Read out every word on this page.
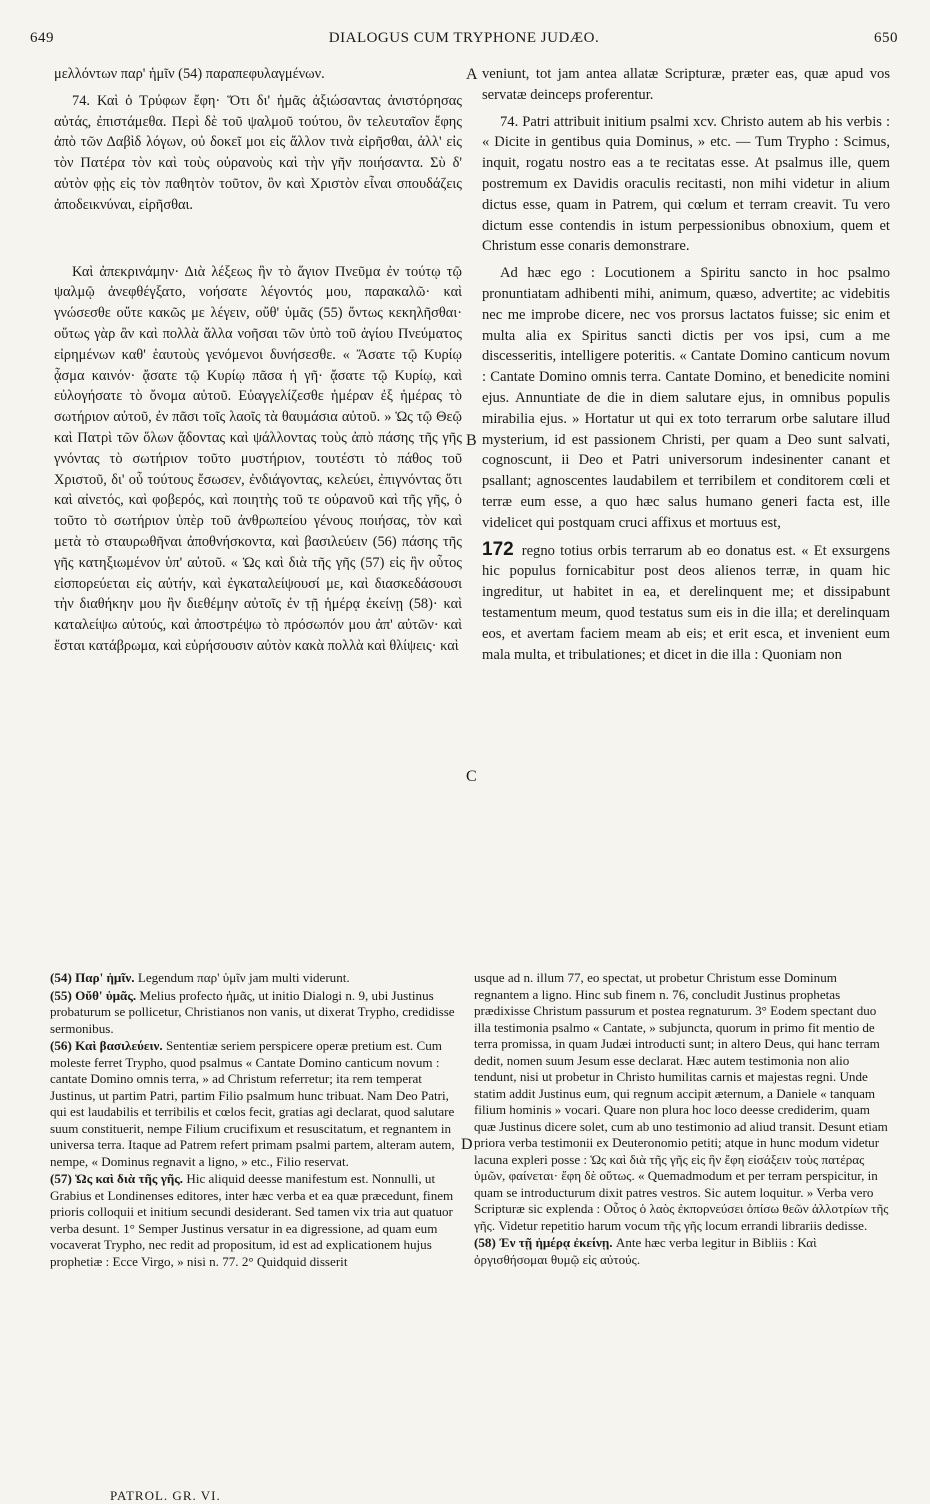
649	DIALOGUS CUM TRYPHONE JUDÆO.	650

μελλόντων παρ' ἡμῖν (54) παραπεφυλαγμένων.

74. Καὶ ὁ Τρύφων ἔφη· Ὅτι δι' ἡμᾶς ἀξιώσαντας ἀνιστόρησας αὐτάς, ἐπιστάμεθα. Περὶ δὲ τοῦ ψαλμοῦ τούτου, ὃν τελευταῖον ἔφης ἀπὸ τῶν Δαβὶδ λόγων, οὐ δοκεῖ μοι εἰς ἄλλον τινὰ εἰρῆσθαι, ἀλλ' εἰς τὸν Πατέρα τὸν καὶ τοὺς οὐρανοὺς καὶ τὴν γῆν ποιήσαντα. Σὺ δ' αὐτὸν φῂς εἰς τὸν παθητὸν τοῦτον, ὃν καὶ Χριστὸν εἶναι σπουδάζεις ἀποδεικνύναι, εἰρῆσθαι.

Καὶ ἀπεκρινάμην· Διὰ λέξεως ἣν τὸ ἅγιον Πνεῦμα ἐν τούτῳ τῷ ψαλμῷ ἀνεφθέγξατο, νοήσατε λέγοντός μου, παρακαλῶ· καὶ γνώσεσθε οὔτε κακῶς με λέγειν, οὔθ' ὑμᾶς (55) ὄντως κεκηλῆσθαι· οὕτως γὰρ ἂν καὶ πολλὰ ἄλλα νοῆσαι τῶν ὑπὸ τοῦ ἁγίου Πνεύματος εἰρημένων καθ' ἑαυτοὺς γενόμενοι δυνήσεσθε. « Ἄσατε τῷ Κυρίῳ ᾆσμα καινόν· ᾄσατε τῷ Κυρίῳ πᾶσα ἡ γῆ· ᾄσατε τῷ Κυρίῳ, καὶ εὐλογήσατε τὸ ὄνομα αὐτοῦ. Εὐαγγελίζεσθε ἡμέραν ἐξ ἡμέρας τὸ σωτήριον αὐτοῦ, ἐν πᾶσι τοῖς λαοῖς τὰ θαυμάσια αὐτοῦ. » Ὡς τῷ Θεῷ καὶ Πατρὶ τῶν ὅλων ᾄδοντας καὶ ψάλλοντας τοὺς ἀπὸ πάσης τῆς γῆς γνόντας τὸ σωτήριον τοῦτο μυστήριον, τουτέστι τὸ πάθος τοῦ Χριστοῦ, δι' οὗ τούτους ἔσωσεν, ἐνδιάγοντας, κελεύει, ἐπιγνόντας ὅτι καὶ αἰνετός, καὶ φοβερός, καὶ ποιητὴς τοῦ τε οὐρανοῦ καὶ τῆς γῆς, ὁ τοῦτο τὸ σωτήριον ὑπὲρ τοῦ ἀνθρωπείου γένους ποιήσας, τὸν καὶ μετὰ τὸ σταυρωθῆναι ἀποθνήσκοντα, καὶ βασιλεύειν (56) πάσης τῆς γῆς κατηξιωμένον ὑπ' αὐτοῦ. « Ὡς καὶ διὰ τῆς γῆς (57) εἰς ἣν οὗτος εἰσπορεύεται εἰς αὐτήν, καὶ ἐγκαταλείψουσί με, καὶ διασκεδάσουσι τὴν διαθήκην μου ἣν διεθέμην αὐτοῖς ἐν τῇ ἡμέρᾳ ἐκείνῃ (58)· καὶ καταλείψω αὐτούς, καὶ ἀποστρέψω τὸ πρόσωπόν μου ἀπ' αὐτῶν· καὶ ἔσται κατάβρωμα, καὶ εὑρήσουσιν αὐτὸν κακὰ πολλὰ καὶ θλίψεις· καὶ

A
B
C
D

veniunt, tot jam antea allatæ Scripturæ, præter eas, quæ apud vos servatæ deinceps proferentur.

74. Patri attribuit initium psalmi xcv. Christo autem ab his verbis : « Dicite in gentibus quia Dominus, » etc. — Tum Trypho : Scimus, inquit, rogatu nostro eas a te recitatas esse. At psalmus ille, quem postremum ex Davidis oraculis recitasti, non mihi videtur in alium dictus esse, quam in Patrem, qui cœlum et terram creavit. Tu vero dictum esse contendis in istum perpessionibus obnoxium, quem et Christum esse conaris demonstrare.

Ad hæc ego : Locutionem a Spiritu sancto in hoc psalmo pronuntiatam adhibenti mihi, animum, quæso, advertite; ac videbitis nec me improbe dicere, nec vos prorsus lactatos fuisse; sic enim et multa alia ex Spiritus sancti dictis per vos ipsi, cum a me discesseritis, intelligere poteritis. « Cantate Domino canticum novum : Cantate Domino omnis terra. Cantate Domino, et benedicite nomini ejus. Annuntiate de die in diem salutare ejus, in omnibus populis mirabilia ejus. » Hortatur ut qui ex toto terrarum orbe salutare illud mysterium, id est passionem Christi, per quam a Deo sunt salvati, cognoscunt, ii Deo et Patri universorum indesinenter canant et psallant; agnoscentes laudabilem et terribilem et conditorem cœli et terræ eum esse, a quo hæc salus humano generi facta est, ille videlicet qui postquam cruci affixus et mortuus est,

172 regno totius orbis terrarum ab eo donatus est. « Et exsurgens hic populus fornicabitur post deos alienos terræ, in quam hic ingreditur, ut habitet in ea, et derelinquent me; et dissipabunt testamentum meum, quod testatus sum eis in die illa; et derelinquam eos, et avertam faciem meam ab eis; et erit esca, et invenient eum mala multa, et tribulationes; et dicet in die illa : Quoniam non

(54) Παρ' ἡμῖν. Legendum παρ' ὑμῖν jam multi viderunt.

(55) Οὔθ' ὑμᾶς. Melius profecto ἡμᾶς, ut initio Dialogi n. 9, ubi Justinus probaturum se pollicetur, Christianos non vanis, ut dixerat Trypho, credidisse sermonibus.

(56) Καὶ βασιλεύειν. Sententiæ seriem perspicere operæ pretium est. Cum moleste ferret Trypho, quod psalmus « Cantate Domino canticum novum : cantate Domino omnis terra, » ad Christum referretur; ita rem temperat Justinus, ut partim Patri, partim Filio psalmum hunc tribuat. Nam Deo Patri, qui est laudabilis et terribilis et cœlos fecit, gratias agi declarat, quod salutare suum constituerit, nempe Filium crucifixum et resuscitatum, et regnantem in universa terra. Itaque ad Patrem refert primam psalmi partem, alteram autem, nempe, « Dominus regnavit a ligno, » etc., Filio reservat.

(57) Ὡς καὶ διὰ τῆς γῆς. Hic aliquid deesse manifestum est. Nonnulli, ut Grabius et Londinenses editores, inter hæc verba et ea quæ præcedunt, finem prioris colloquii et initium secundi desiderant. Sed tamen vix tria aut quatuor verba desunt. 1° Semper Justinus versatur in ea digressione, ad quam eum vocaverat Trypho, nec redit ad propositum, id est ad explicationem hujus prophetiæ : Ecce Virgo, » nisi n. 77. 2° Quidquid disserit

usque ad n. illum 77, eo spectat, ut probetur Christum esse Dominum regnantem a ligno. Hinc sub finem n. 76, concludit Justinus prophetas prædixisse Christum passurum et postea regnaturum. 3° Eodem spectant duo illa testimonia psalmo « Cantate, » subjuncta, quorum in primo fit mentio de terra promissa, in quam Judæi introducti sunt; in altero Deus, qui hanc terram dedit, nomen suum Jesum esse declarat. Hæc autem testimonia non alio tendunt, nisi ut probetur in Christo humilitas carnis et majestas regni. Unde statim addit Justinus eum, qui regnum accipit æternum, a Daniele « tanquam filium hominis » vocari. Quare non plura hoc loco deesse crediderim, quam quæ Justinus dicere solet, cum ab uno testimonio ad aliud transit. Desunt etiam priora verba testimonii ex Deuteronomio petiti; atque in hunc modum videtur lacuna expleri posse : Ὡς καὶ διὰ τῆς γῆς εἰς ἣν ἔφη εἰσάξειν τοὺς πατέρας ὑμῶν, φαίνεται· ἔφη δὲ οὕτως. « Quemadmodum et per terram perspicitur, in quam se introducturum dixit patres vestros. Sic autem loquitur. » Verba vero Scripturæ sic explenda : Οὗτος ὁ λαὸς ἐκπορνεύσει ὀπίσω θεῶν ἀλλοτρίων τῆς γῆς. Videtur repetitio harum vocum τῆς γῆς locum errandi librariis dedisse.

(58) Ἐν τῇ ἡμέρᾳ ἐκείνῃ. Ante hæc verba legitur in Bibliis : Καὶ ὀργισθήσομαι θυμῷ εἰς αὐτούς.

PATROL. GR. VI.
